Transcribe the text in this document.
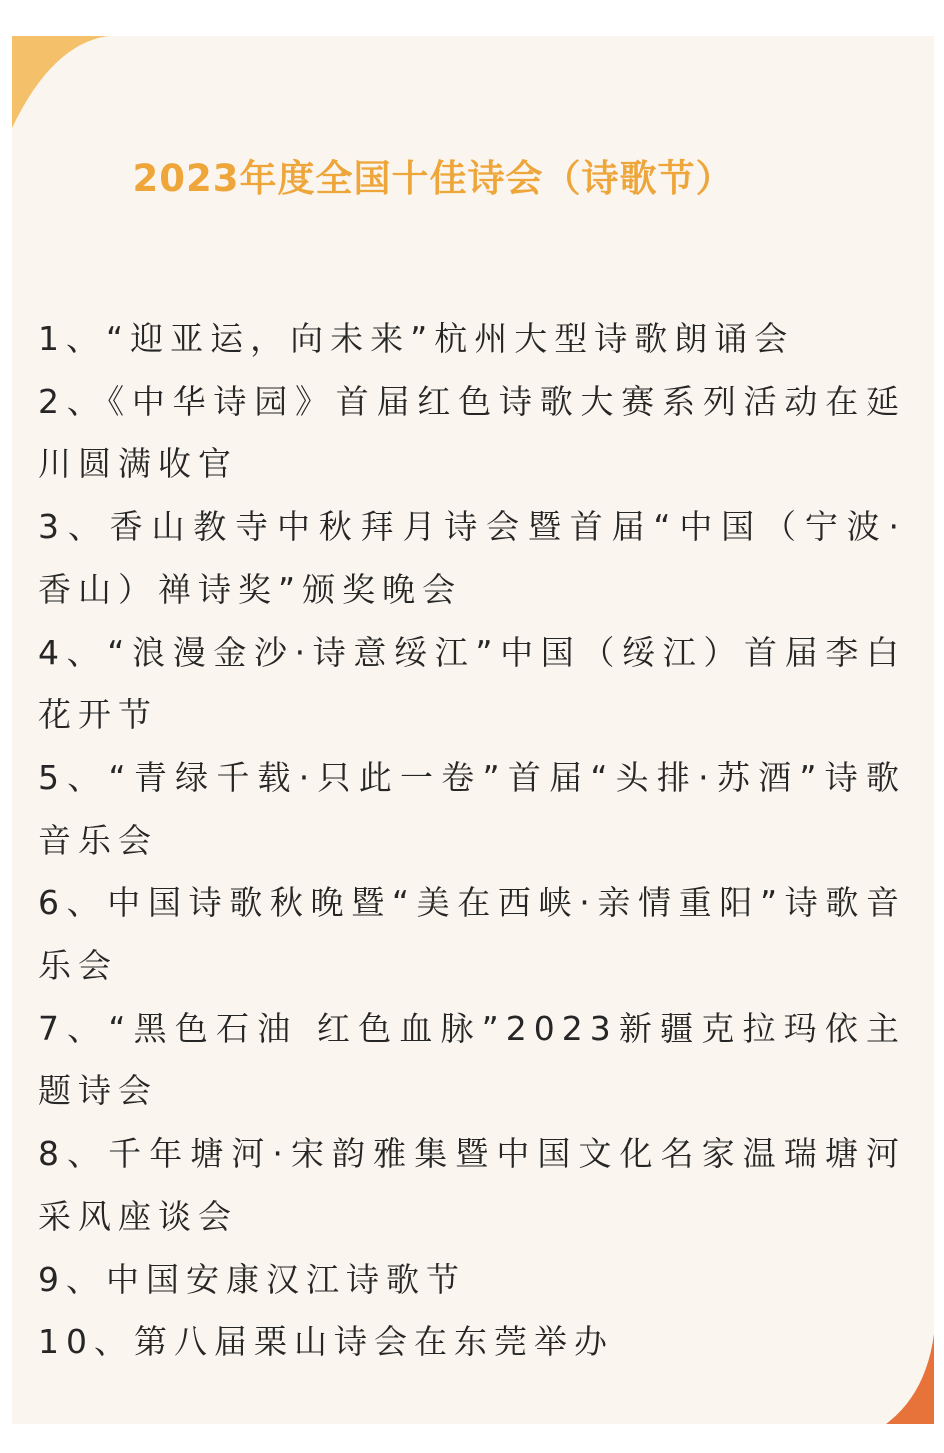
2023年度全国十佳诗会（诗歌节）
1、“迎亚运，向未来”杭州大型诗歌朗诵会
2、《中华诗园》首届红色诗歌大赛系列活动在延川圆满收官
3、香山教寺中秋拜月诗会暨首届“中国（宁波·香山）禅诗奖”颁奖晚会
4、“浪漫金沙·诗意绥江”中国（绥江）首届李白花开节
5、“青绿千载·只此一卷”首届“头排·苏酒”诗歌音乐会
6、中国诗歌秋晚暨“美在西峡·亲情重阳”诗歌音乐会
7、“黑色石油 红色血脉”2023新疆克拉玛依主题诗会
8、千年塘河·宋韵雅集暨中国文化名家温瑞塘河采风座谈会
9、中国安康汉江诗歌节
10、第八届栗山诗会在东莞举办
